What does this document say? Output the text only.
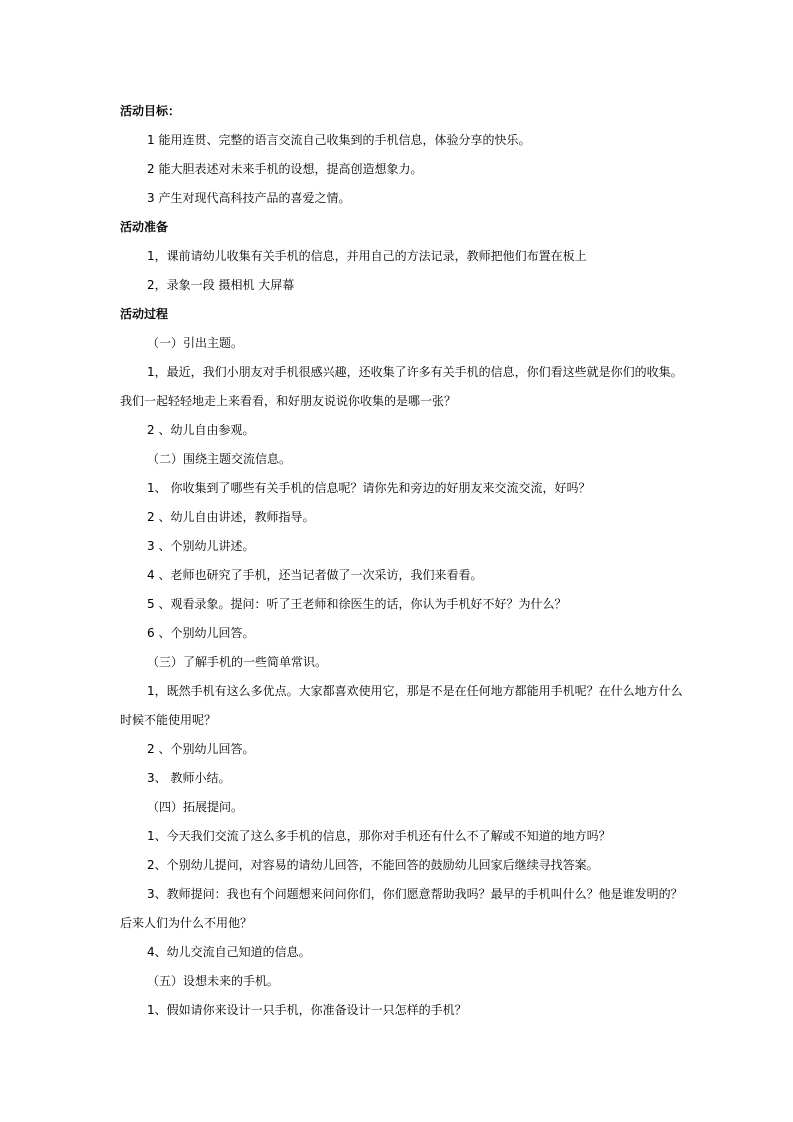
活动目标：
1 能用连贯、完整的语言交流自己收集到的手机信息，体验分享的快乐。
2 能大胆表述对未来手机的设想，提高创造想象力。
3 产生对现代高科技产品的喜爱之情。
活动准备
1，课前请幼儿收集有关手机的信息，并用自己的方法记录，教师把他们布置在板上
2，录象一段 摄相机 大屏幕
活动过程
（一）引出主题。
1，最近，我们小朋友对手机很感兴趣，还收集了许多有关手机的信息，你们看这些就是你们的收集。
我们一起轻轻地走上来看看，和好朋友说说你收集的是哪一张？
2 、幼儿自由参观。
（二）围绕主题交流信息。
1、 你收集到了哪些有关手机的信息呢？请你先和旁边的好朋友来交流交流，好吗？
2 、幼儿自由讲述，教师指导。
3 、个别幼儿讲述。
4 、老师也研究了手机，还当记者做了一次采访，我们来看看。
5 、观看录象。提问：听了王老师和徐医生的话，你认为手机好不好？为什么？
6 、个别幼儿回答。
（三）了解手机的一些简单常识。
1，既然手机有这么多优点。大家都喜欢使用它，那是不是在任何地方都能用手机呢？在什么地方什么
时候不能使用呢？
2 、个别幼儿回答。
3、 教师小结。
（四）拓展提问。
1、今天我们交流了这么多手机的信息，那你对手机还有什么不了解或不知道的地方吗？
2、个别幼儿提问，对容易的请幼儿回答，不能回答的鼓励幼儿回家后继续寻找答案。
3、教师提问：我也有个问题想来问问你们，你们愿意帮助我吗？最早的手机叫什么？他是谁发明的？
后来人们为什么不用他？
4、幼儿交流自己知道的信息。
（五）设想未来的手机。
1、假如请你来设计一只手机，你准备设计一只怎样的手机？
